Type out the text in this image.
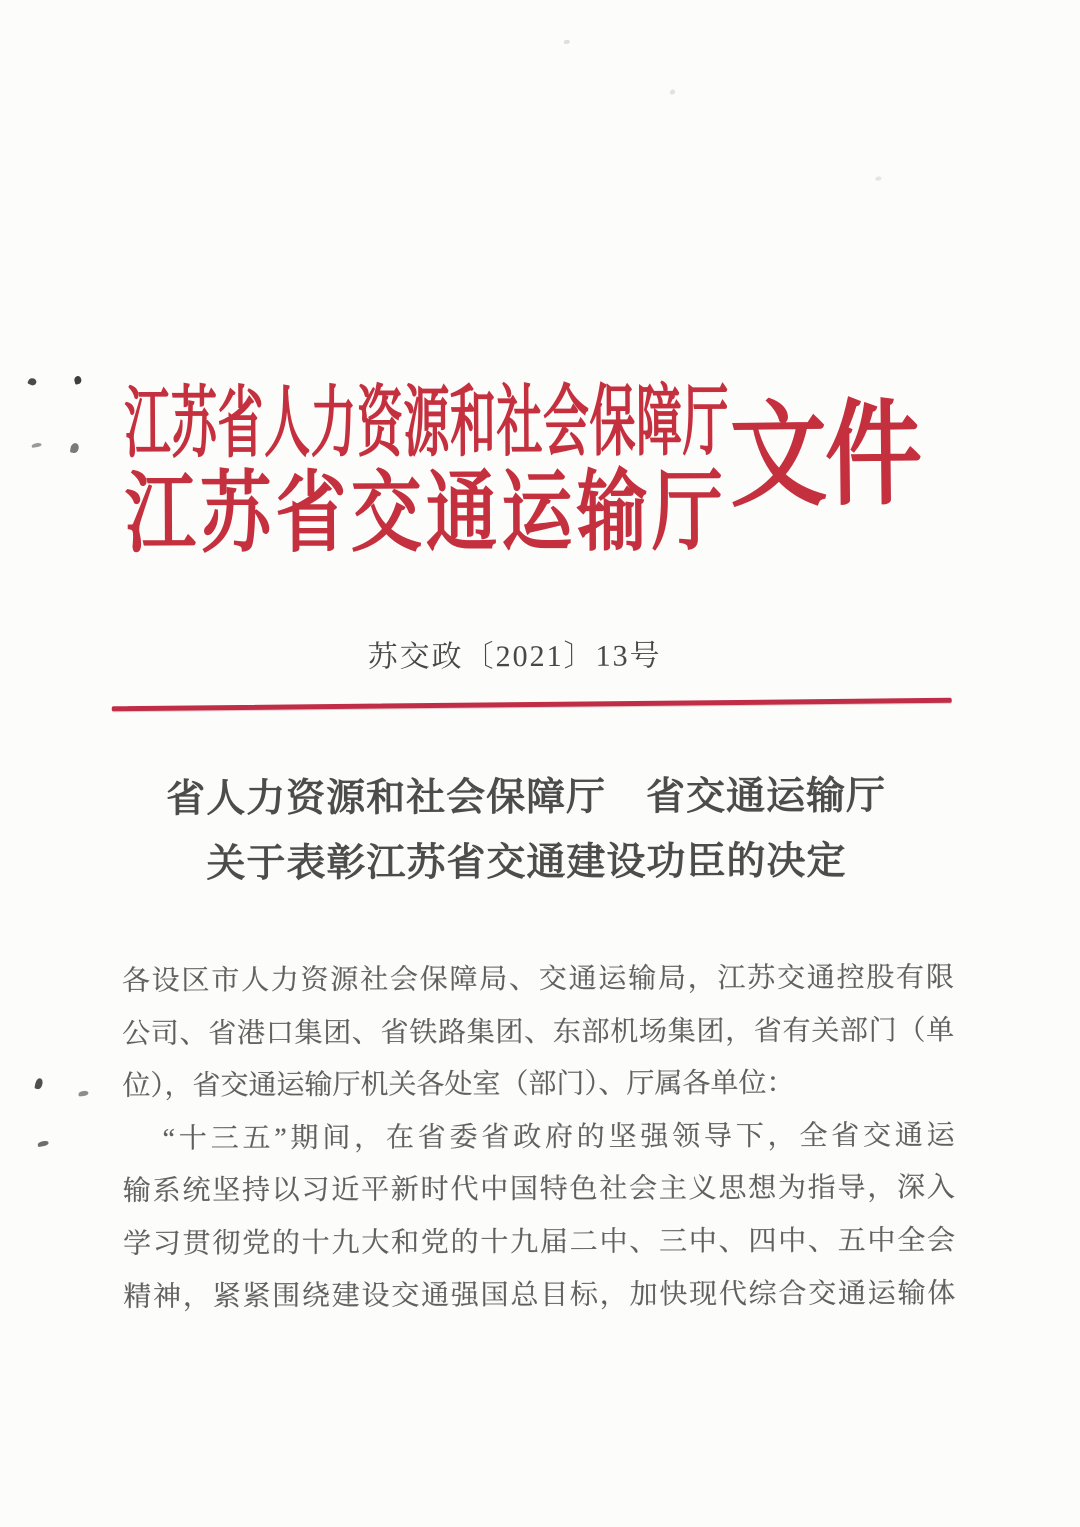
江苏省人力资源和社会保障厅
江苏省交通运输厅 文件
苏交政〔2021〕13号
省人力资源和社会保障厅　省交通运输厅
关于表彰江苏省交通建设功臣的决定
各设区市人力资源社会保障局、交通运输局，江苏交通控股有限
公司、省港口集团、省铁路集团、东部机场集团，省有关部门（单
位），省交通运输厅机关各处室（部门）、厅属各单位：
“十三五”期间，在省委省政府的坚强领导下，全省交通运
输系统坚持以习近平新时代中国特色社会主义思想为指导，深入
学习贯彻党的十九大和党的十九届二中、三中、四中、五中全会
精神，紧紧围绕建设交通强国总目标，加快现代综合交通运输体
